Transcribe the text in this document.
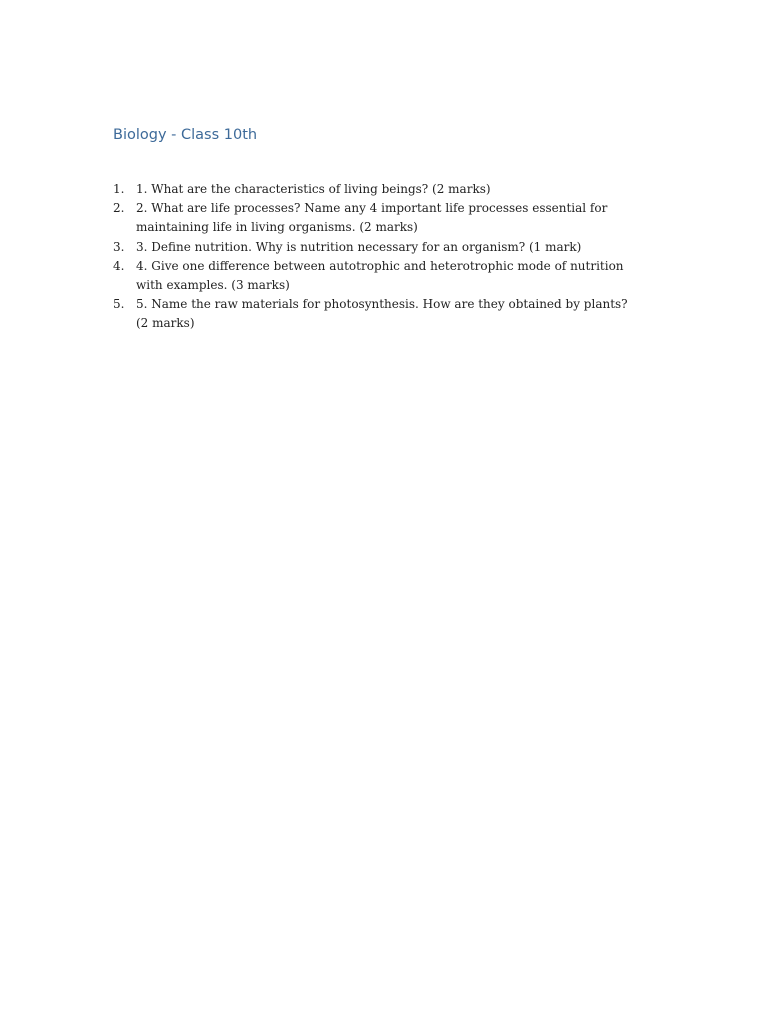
Biology - Class 10th
1. 1. What are the characteristics of living beings? (2 marks)
2. 2. What are life processes? Name any 4 important life processes essential for maintaining life in living organisms. (2 marks)
3. 3. Define nutrition. Why is nutrition necessary for an organism? (1 mark)
4. 4. Give one difference between autotrophic and heterotrophic mode of nutrition with examples. (3 marks)
5. 5. Name the raw materials for photosynthesis. How are they obtained by plants? (2 marks)
